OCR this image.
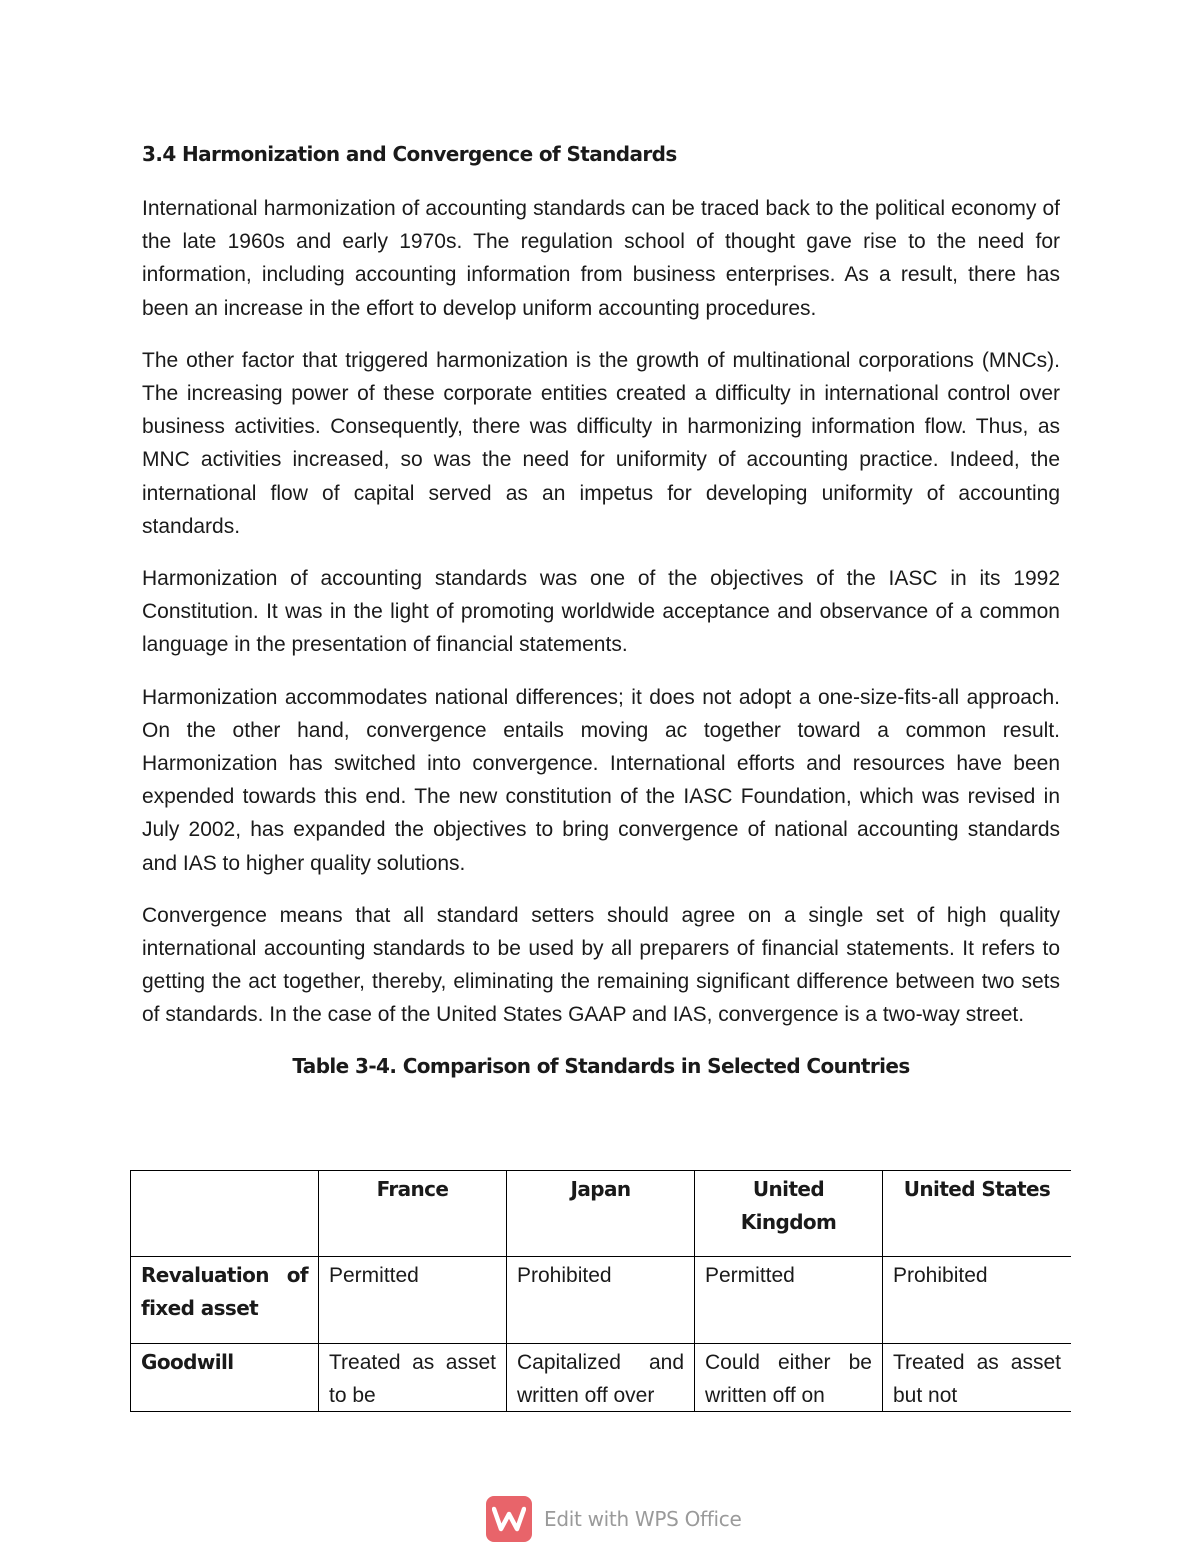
3.4 Harmonization and Convergence of Standards

International harmonization of accounting standards can be traced back to the political economy of the late 1960s and early 1970s. The regulation school of thought gave rise to the need for information, including accounting information from business enterprises. As a result, there has been an increase in the effort to develop uniform accounting procedures.

The other factor that triggered harmonization is the growth of multinational corporations (MNCs). The increasing power of these corporate entities created a difficulty in international control over business activities. Consequently, there was difficulty in harmonizing information flow. Thus, as MNC activities increased, so was the need for uniformity of accounting practice. Indeed, the international flow of capital served as an impetus for developing uniformity of accounting standards.

Harmonization of accounting standards was one of the objectives of the IASC in its 1992 Constitution. It was in the light of promoting worldwide acceptance and observance of a common language in the presentation of financial statements.

Harmonization accommodates national differences; it does not adopt a one-size-fits-all approach. On the other hand, convergence entails moving ac together toward a common result. Harmonization has switched into convergence. International efforts and resources have been expended towards this end. The new constitution of the IASC Foundation, which was revised in July 2002, has expanded the objectives to bring convergence of national accounting standards and IAS to higher quality solutions.

Convergence means that all standard setters should agree on a single set of high quality international accounting standards to be used by all preparers of financial statements. It refers to getting the act together, thereby, eliminating the remaining significant difference between two sets of standards. In the case of the United States GAAP and IAS, convergence is a two-way street.

Table 3-4. Comparison of Standards in Selected Countries
	France	Japan	United Kingdom	United States
Revaluation of fixed asset	Permitted	Prohibited	Permitted	Prohibited
Goodwill	Treated as asset to be	Capitalized and written off over	Could either be written off on	Treated as asset but not
Edit with WPS Office
